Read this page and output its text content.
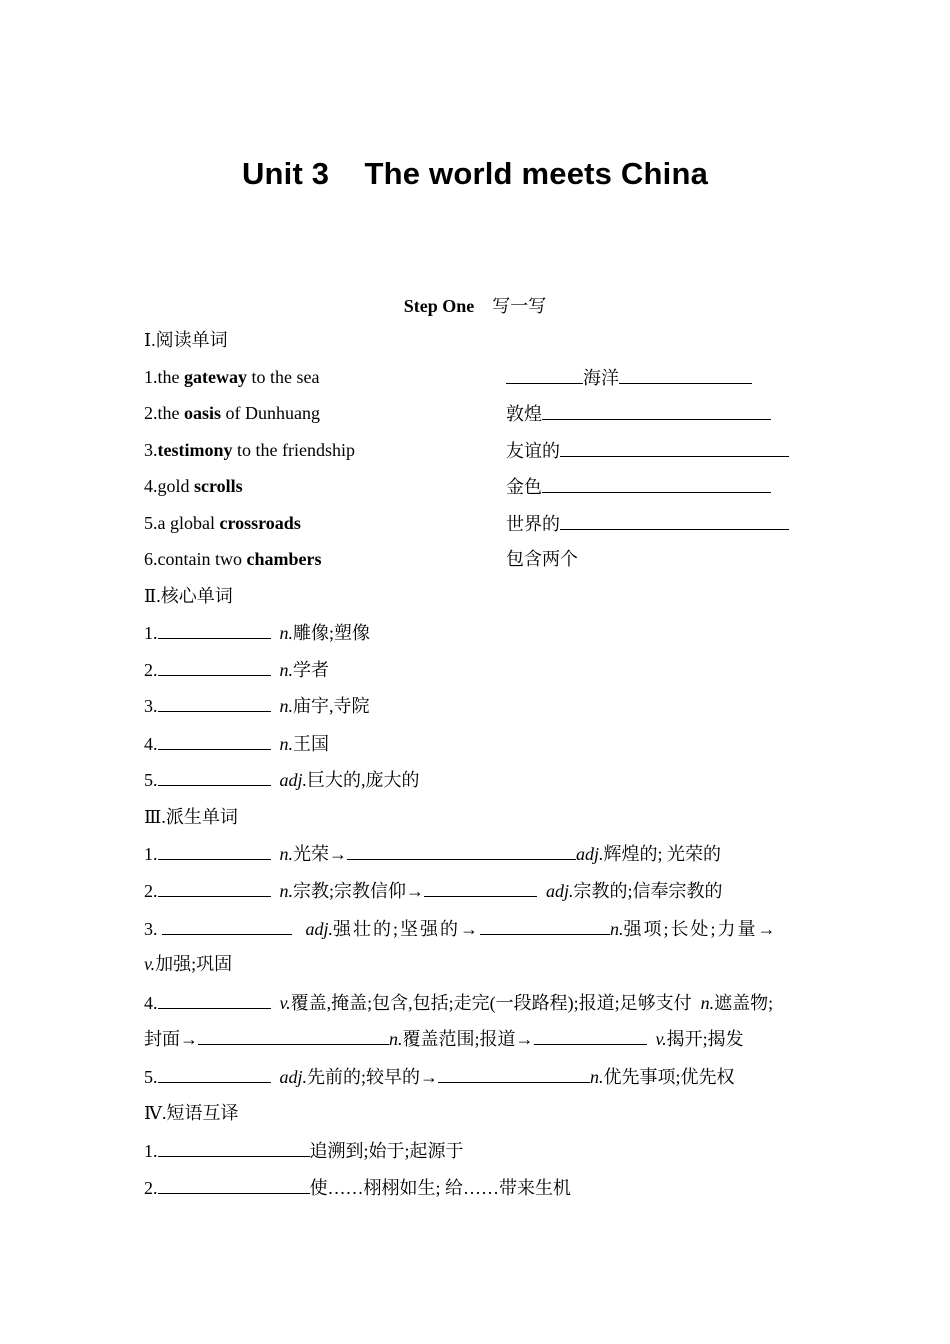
Unit 3    The world meets China
Step One 写一写
Ⅰ.阅读单词
1.the gateway to the sea	海洋
2.the oasis of Dunhuang	敦煌
3.testimony to the friendship	友谊的
4.gold scrolls	金色
5.a global crossroads	世界的
6.contain two chambers	包含两个
Ⅱ.核心单词
1.	n.雕像;塑像
2.	n.学者
3.	n.庙宇,寺院
4.	n.王国
5.	adj.巨大的,庞大的
Ⅲ.派生单词
1.	n.光荣→	adj.辉煌的; 光荣的
2.	n.宗教;宗教信仰→	adj.宗教的;信奉宗教的
3.	adj.强壮的;坚强的→	n.强项;长处;力量→
v.加强;巩固
4.	v.覆盖,掩盖;包含,包括;走完(一段路程);报道;足够支付 n.遮盖物;
封面→	n.覆盖范围;报道→	v.揭开;揭发
5.	adj.先前的;较早的→	n.优先事项;优先权
Ⅳ.短语互译
1.	追溯到;始于;起源于
2.	使……栩栩如生; 给……带来生机
